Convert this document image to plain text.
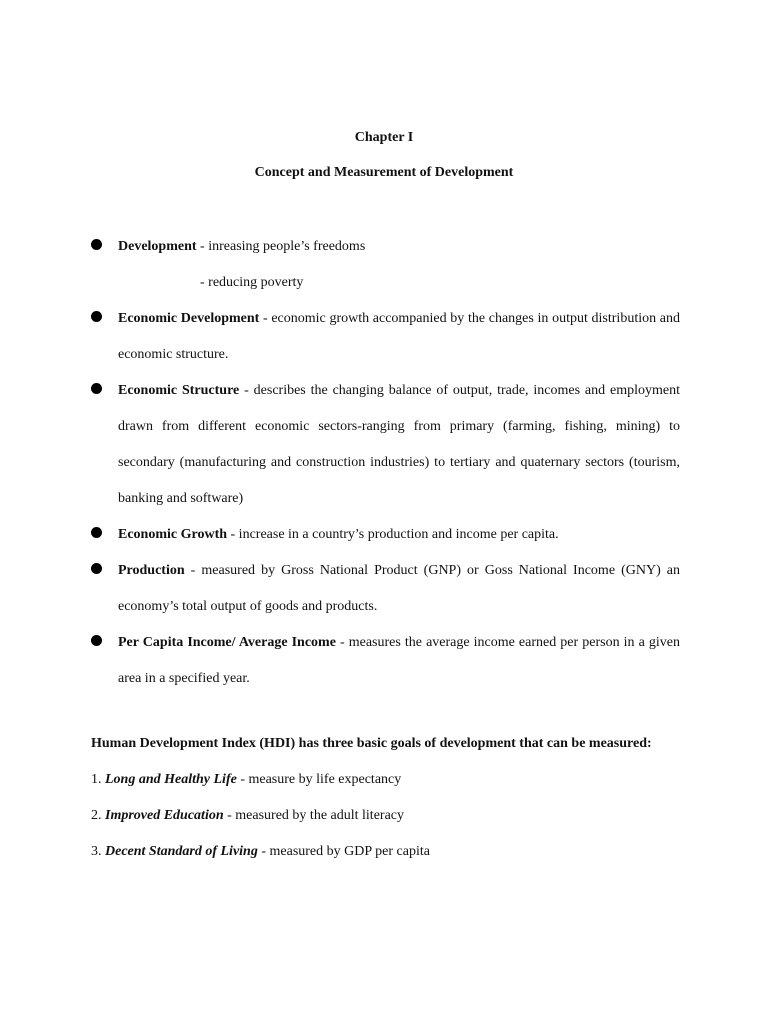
Chapter I
Concept and Measurement of Development
Development - inreasing people’s freedoms
- reducing poverty
Economic Development - economic growth accompanied by the changes in output distribution and economic structure.
Economic Structure - describes the changing balance of output, trade, incomes and employment drawn from different economic sectors-ranging from primary (farming, fishing, mining) to secondary (manufacturing and construction industries) to tertiary and quaternary sectors (tourism, banking and software)
Economic Growth - increase in a country’s production and income per capita.
Production - measured by Gross National Product (GNP) or Goss National Income (GNY) an economy’s total output of goods and products.
Per Capita Income/ Average Income - measures the average income earned per person in a given area in a specified year.
Human Development Index (HDI) has three basic goals of development that can be measured:
1. Long and Healthy Life - measure by life expectancy
2. Improved Education - measured by the adult literacy
3. Decent Standard of Living - measured by GDP per capita
